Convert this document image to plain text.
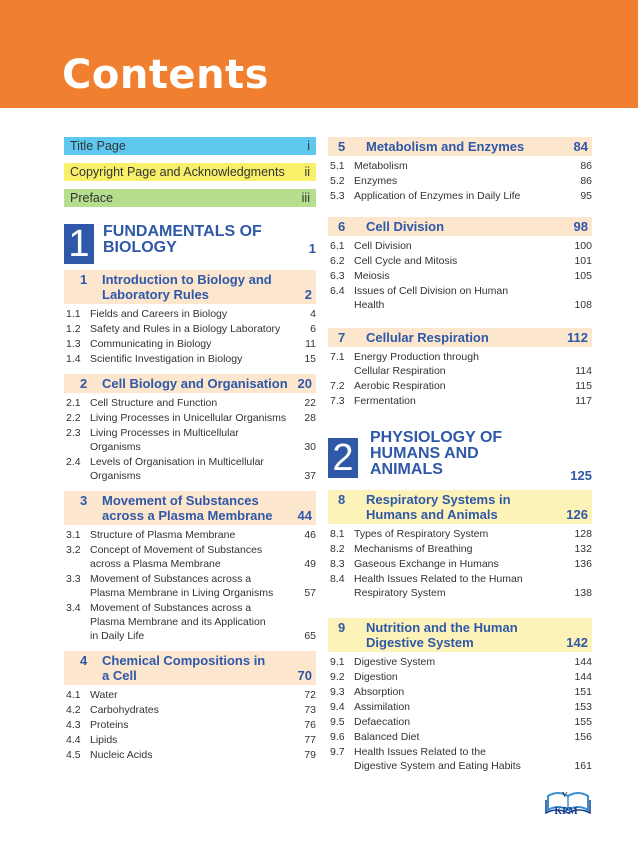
Contents
Title Page	i
Copyright Page and Acknowledgments ii
Preface	iii
1 FUNDAMENTALS OF
BIOLOGY	1
1	Introduction to Biology and
Laboratory Rules	2
1.1 Fields and Careers in Biology	4
1.2 Safety and Rules in a Biology Laboratory	6
1.3 Communicating in Biology	11
1.4 Scientific Investigation in Biology	15
2	Cell Biology and Organisation 20
2.1 Cell Structure and Function	22
2.2 Living Processes in Unicellular Organisms	28
2.3 Living Processes in Multicellular
Organisms	30
2.4 Levels of Organisation in Multicellular
Organisms	37
3	Movement of Substances
across a Plasma Membrane 44
3.1 Structure of Plasma Membrane	46
3.2 Concept of Movement of Substances
across a Plasma Membrane	49
3.3 Movement of Substances across a
Plasma Membrane in Living Organisms	57
3.4 Movement of Substances across a
Plasma Membrane and its Application
in Daily Life	65
4	Chemical Compositions in
a Cell	70
4.1 Water	72
4.2 Carbohydrates	73
4.3 Proteins	76
4.4 Lipids	77
4.5 Nucleic Acids	79
5	Metabolism and Enzymes	84
5.1 Metabolism	86
5.2 Enzymes	86
5.3 Application of Enzymes in Daily Life	95
6	Cell Division	98
6.1 Cell Division	100
6.2 Cell Cycle and Mitosis	101
6.3 Meiosis	105
6.4 Issues of Cell Division on Human
Health	108
7	Cellular Respiration	112
7.1 Energy Production through
Cellular Respiration	114
7.2 Aerobic Respiration	115
7.3 Fermentation	117
2 PHYSIOLOGY OF
HUMANS AND
ANIMALS	125
8	Respiratory Systems in
Humans and Animals	126
8.1 Types of Respiratory System	128
8.2 Mechanisms of Breathing	132
8.3 Gaseous Exchange in Humans	136
8.4 Health Issues Related to the Human
Respiratory System	138
9	Nutrition and the Human
Digestive System	142
9.1 Digestive System	144
9.2 Digestion	144
9.3 Absorption	151
9.4 Assimilation	153
9.5 Defaecation	155
9.6 Balanced Diet	156
9.7 Health Issues Related to the
Digestive System and Eating Habits	161
v
KPM
